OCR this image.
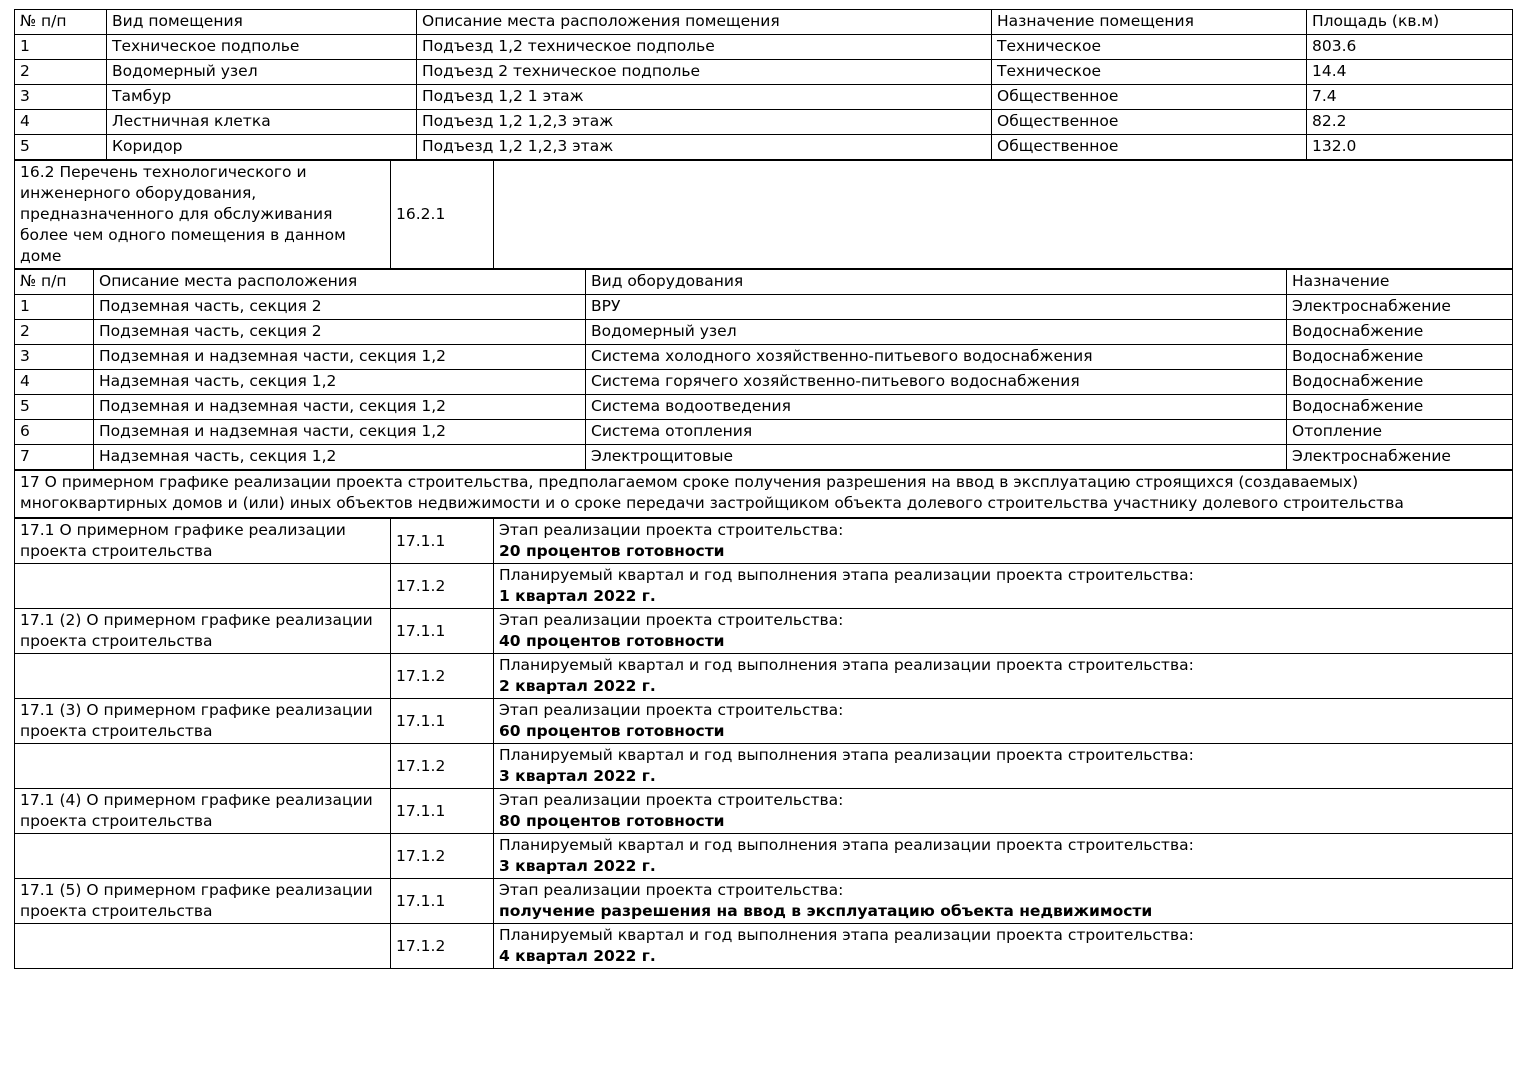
№ п/п	Вид помещения	Описание места расположения помещения	Назначение помещения	Площадь (кв.м)
1	Техническое подполье	Подъезд 1,2 техническое подполье	Техническое	803.6
2	Водомерный узел	Подъезд 2 техническое подполье	Техническое	14.4
3	Тамбур	Подъезд 1,2 1 этаж	Общественное	7.4
4	Лестничная клетка	Подъезд 1,2 1,2,3 этаж	Общественное	82.2
5	Коридор	Подъезд 1,2 1,2,3 этаж	Общественное	132.0
16.2 Перечень технологического и инженерного оборудования, предназначенного для обслуживания более чем одного помещения в данном доме	16.2.1	
№ п/п	Описание места расположения	Вид оборудования	Назначение
1	Подземная часть, секция 2	ВРУ	Электроснабжение
2	Подземная часть, секция 2	Водомерный узел	Водоснабжение
3	Подземная и надземная части, секция 1,2	Система холодного хозяйственно-питьевого водоснабжения	Водоснабжение
4	Надземная часть, секция 1,2	Система горячего хозяйственно-питьевого водоснабжения	Водоснабжение
5	Подземная и надземная части, секция 1,2	Система водоотведения	Водоснабжение
6	Подземная и надземная части, секция 1,2	Система отопления	Отопление
7	Надземная часть, секция 1,2	Электрощитовые	Электроснабжение
17 О примерном графике реализации проекта строительства, предполагаемом сроке получения разрешения на ввод в эксплуатацию строящихся (создаваемых) многоквартирных домов и (или) иных объектов недвижимости и о сроке передачи застройщиком объекта долевого строительства участнику долевого строительства
17.1 О примерном графике реализации проекта строительства	17.1.1	Этап реализации проекта строительства:
20 процентов готовности

	17.1.2	Планируемый квартал и год выполнения этапа реализации проекта строительства:
1 квартал 2022 г.

17.1 (2) О примерном графике реализации проекта строительства	17.1.1	Этап реализации проекта строительства:
40 процентов готовности

	17.1.2	Планируемый квартал и год выполнения этапа реализации проекта строительства:
2 квартал 2022 г.

17.1 (3) О примерном графике реализации проекта строительства	17.1.1	Этап реализации проекта строительства:
60 процентов готовности

	17.1.2	Планируемый квартал и год выполнения этапа реализации проекта строительства:
3 квартал 2022 г.

17.1 (4) О примерном графике реализации проекта строительства	17.1.1	Этап реализации проекта строительства:
80 процентов готовности

	17.1.2	Планируемый квартал и год выполнения этапа реализации проекта строительства:
3 квартал 2022 г.

17.1 (5) О примерном графике реализации проекта строительства	17.1.1	Этап реализации проекта строительства:
получение разрешения на ввод в эксплуатацию объекта недвижимости

	17.1.2	Планируемый квартал и год выполнения этапа реализации проекта строительства:
4 квартал 2022 г.
